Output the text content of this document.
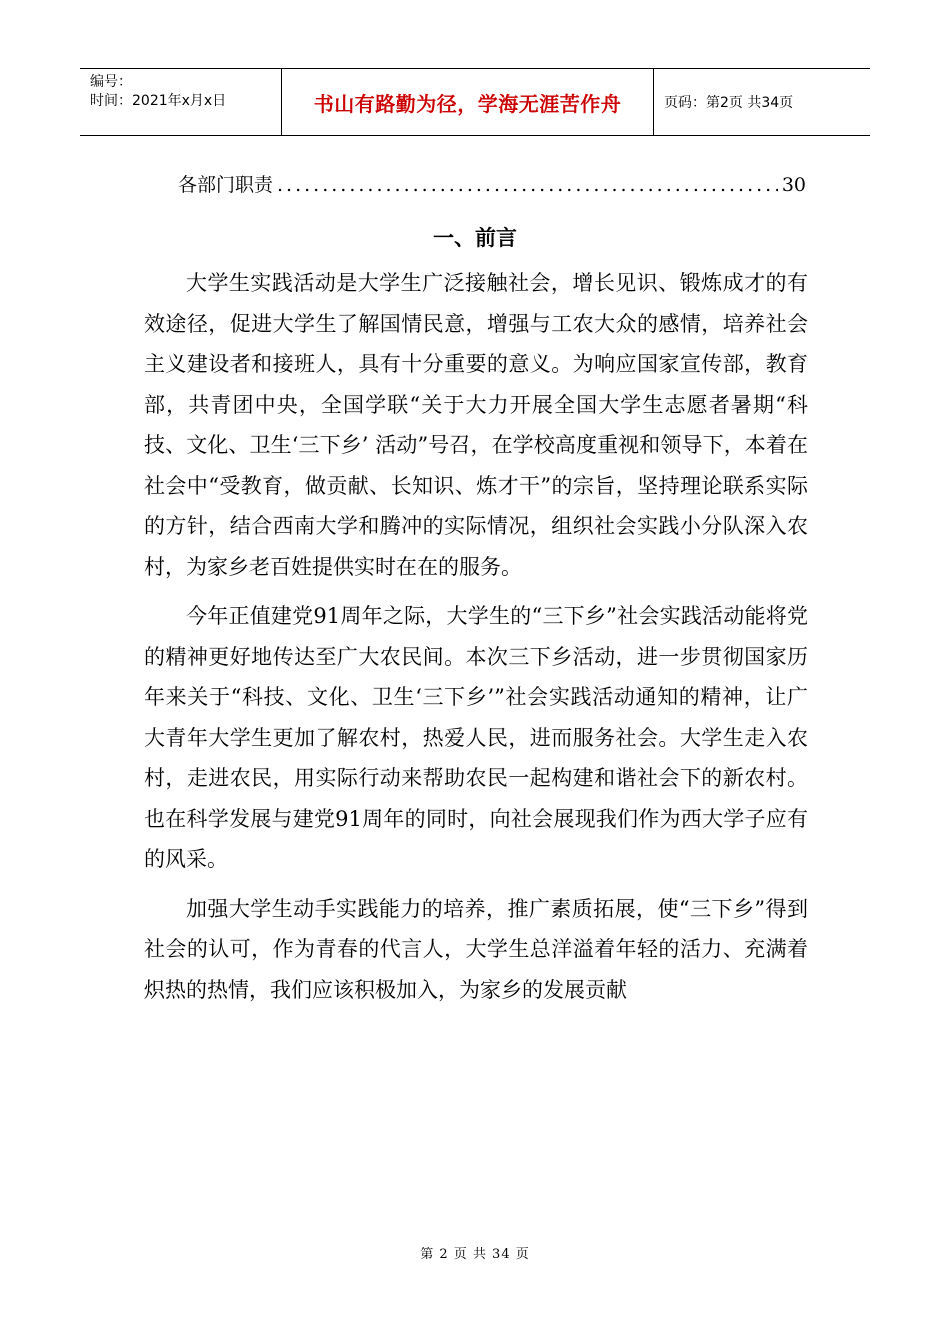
编号：
时间：2021年x月x日	书山有路勤为径，学海无涯苦作舟	页码：第2页 共34页
各部门职责
.....	30
一、前言

大学生实践活动是大学生广泛接触社会，增长见识、锻炼成才的有效途径，促进大学生了解国情民意，增强与工农大众的感情，培养社会主义建设者和接班人，具有十分重要的意义。为响应国家宣传部，教育部，共青团中央，全国学联“关于大力开展全国大学生志愿者暑期“科技、文化、卫生‘三下乡’ 活动”号召，在学校高度重视和领导下，本着在社会中“受教育，做贡献、长知识、炼才干”的宗旨，坚持理论联系实际的方针，结合西南大学和腾冲的实际情况，组织社会实践小分队深入农村，为家乡老百姓提供实时在在的服务。

今年正值建党91周年之际，大学生的“三下乡”社会实践活动能将党的精神更好地传达至广大农民间。本次三下乡活动，进一步贯彻国家历年来关于“科技、文化、卫生‘三下乡’”社会实践活动通知的精神，让广大青年大学生更加了解农村，热爱人民，进而服务社会。大学生走入农村，走进农民，用实际行动来帮助农民一起构建和谐社会下的新农村。也在科学发展与建党91周年的同时，向社会展现我们作为西大学子应有的风采。

加强大学生动手实践能力的培养，推广素质拓展，使“三下乡”得到社会的认可，作为青春的代言人，大学生总洋溢着年轻的活力、充满着炽热的热情，我们应该积极加入，为家乡的发展贡献

第 2 页 共 34 页
